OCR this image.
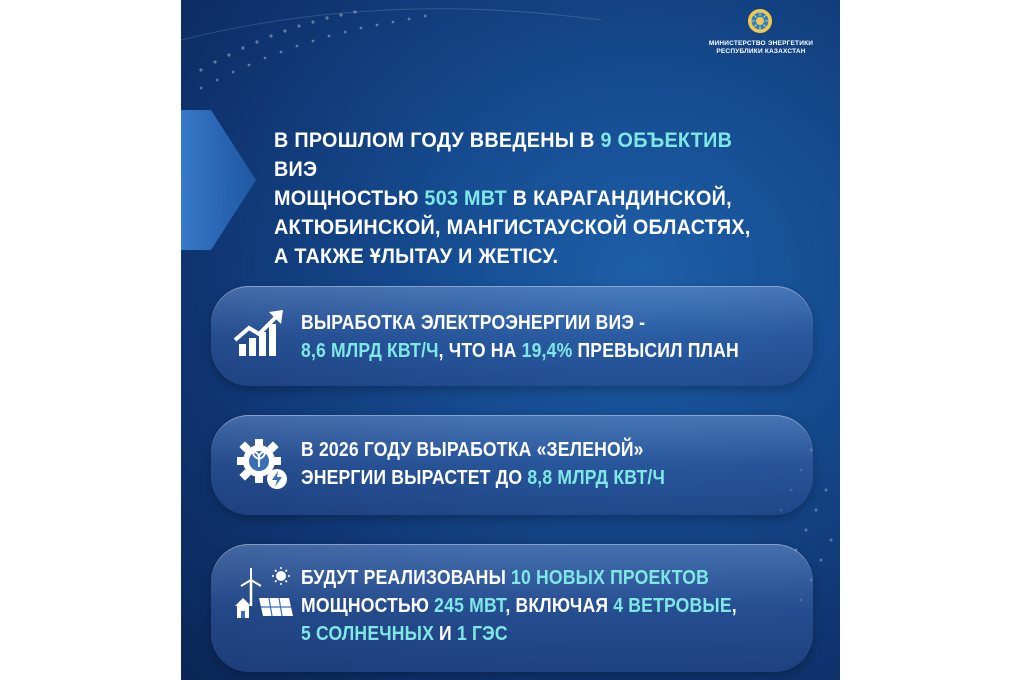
МИНИСТЕРСТВО ЭНЕРГЕТИКИ
РЕСПУБЛИКИ КАЗАХСТАН
В ПРОШЛОМ ГОДУ ВВЕДЕНЫ В 9 ОБЪЕКТИВ ВИЭ
МОЩНОСТЬЮ 503 МВТ В КАРАГАНДИНСКОЙ,
АКТЮБИНСКОЙ, МАНГИСТАУСКОЙ ОБЛАСТЯХ,
А ТАКЖЕ ҰЛЫТАУ И ЖЕТІСУ.
ВЫРАБОТКА ЭЛЕКТРОЭНЕРГИИ ВИЭ -
8,6 МЛРД КВТ/Ч, ЧТО НА 19,4% ПРЕВЫСИЛ ПЛАН
В 2026 ГОДУ ВЫРАБОТКА «ЗЕЛЕНОЙ»
ЭНЕРГИИ ВЫРАСТЕТ ДО 8,8 МЛРД КВТ/Ч
БУДУТ РЕАЛИЗОВАНЫ 10 НОВЫХ ПРОЕКТОВ
МОЩНОСТЬЮ 245 МВТ, ВКЛЮЧАЯ 4 ВЕТРОВЫЕ,
5 СОЛНЕЧНЫХ И 1 ГЭС
